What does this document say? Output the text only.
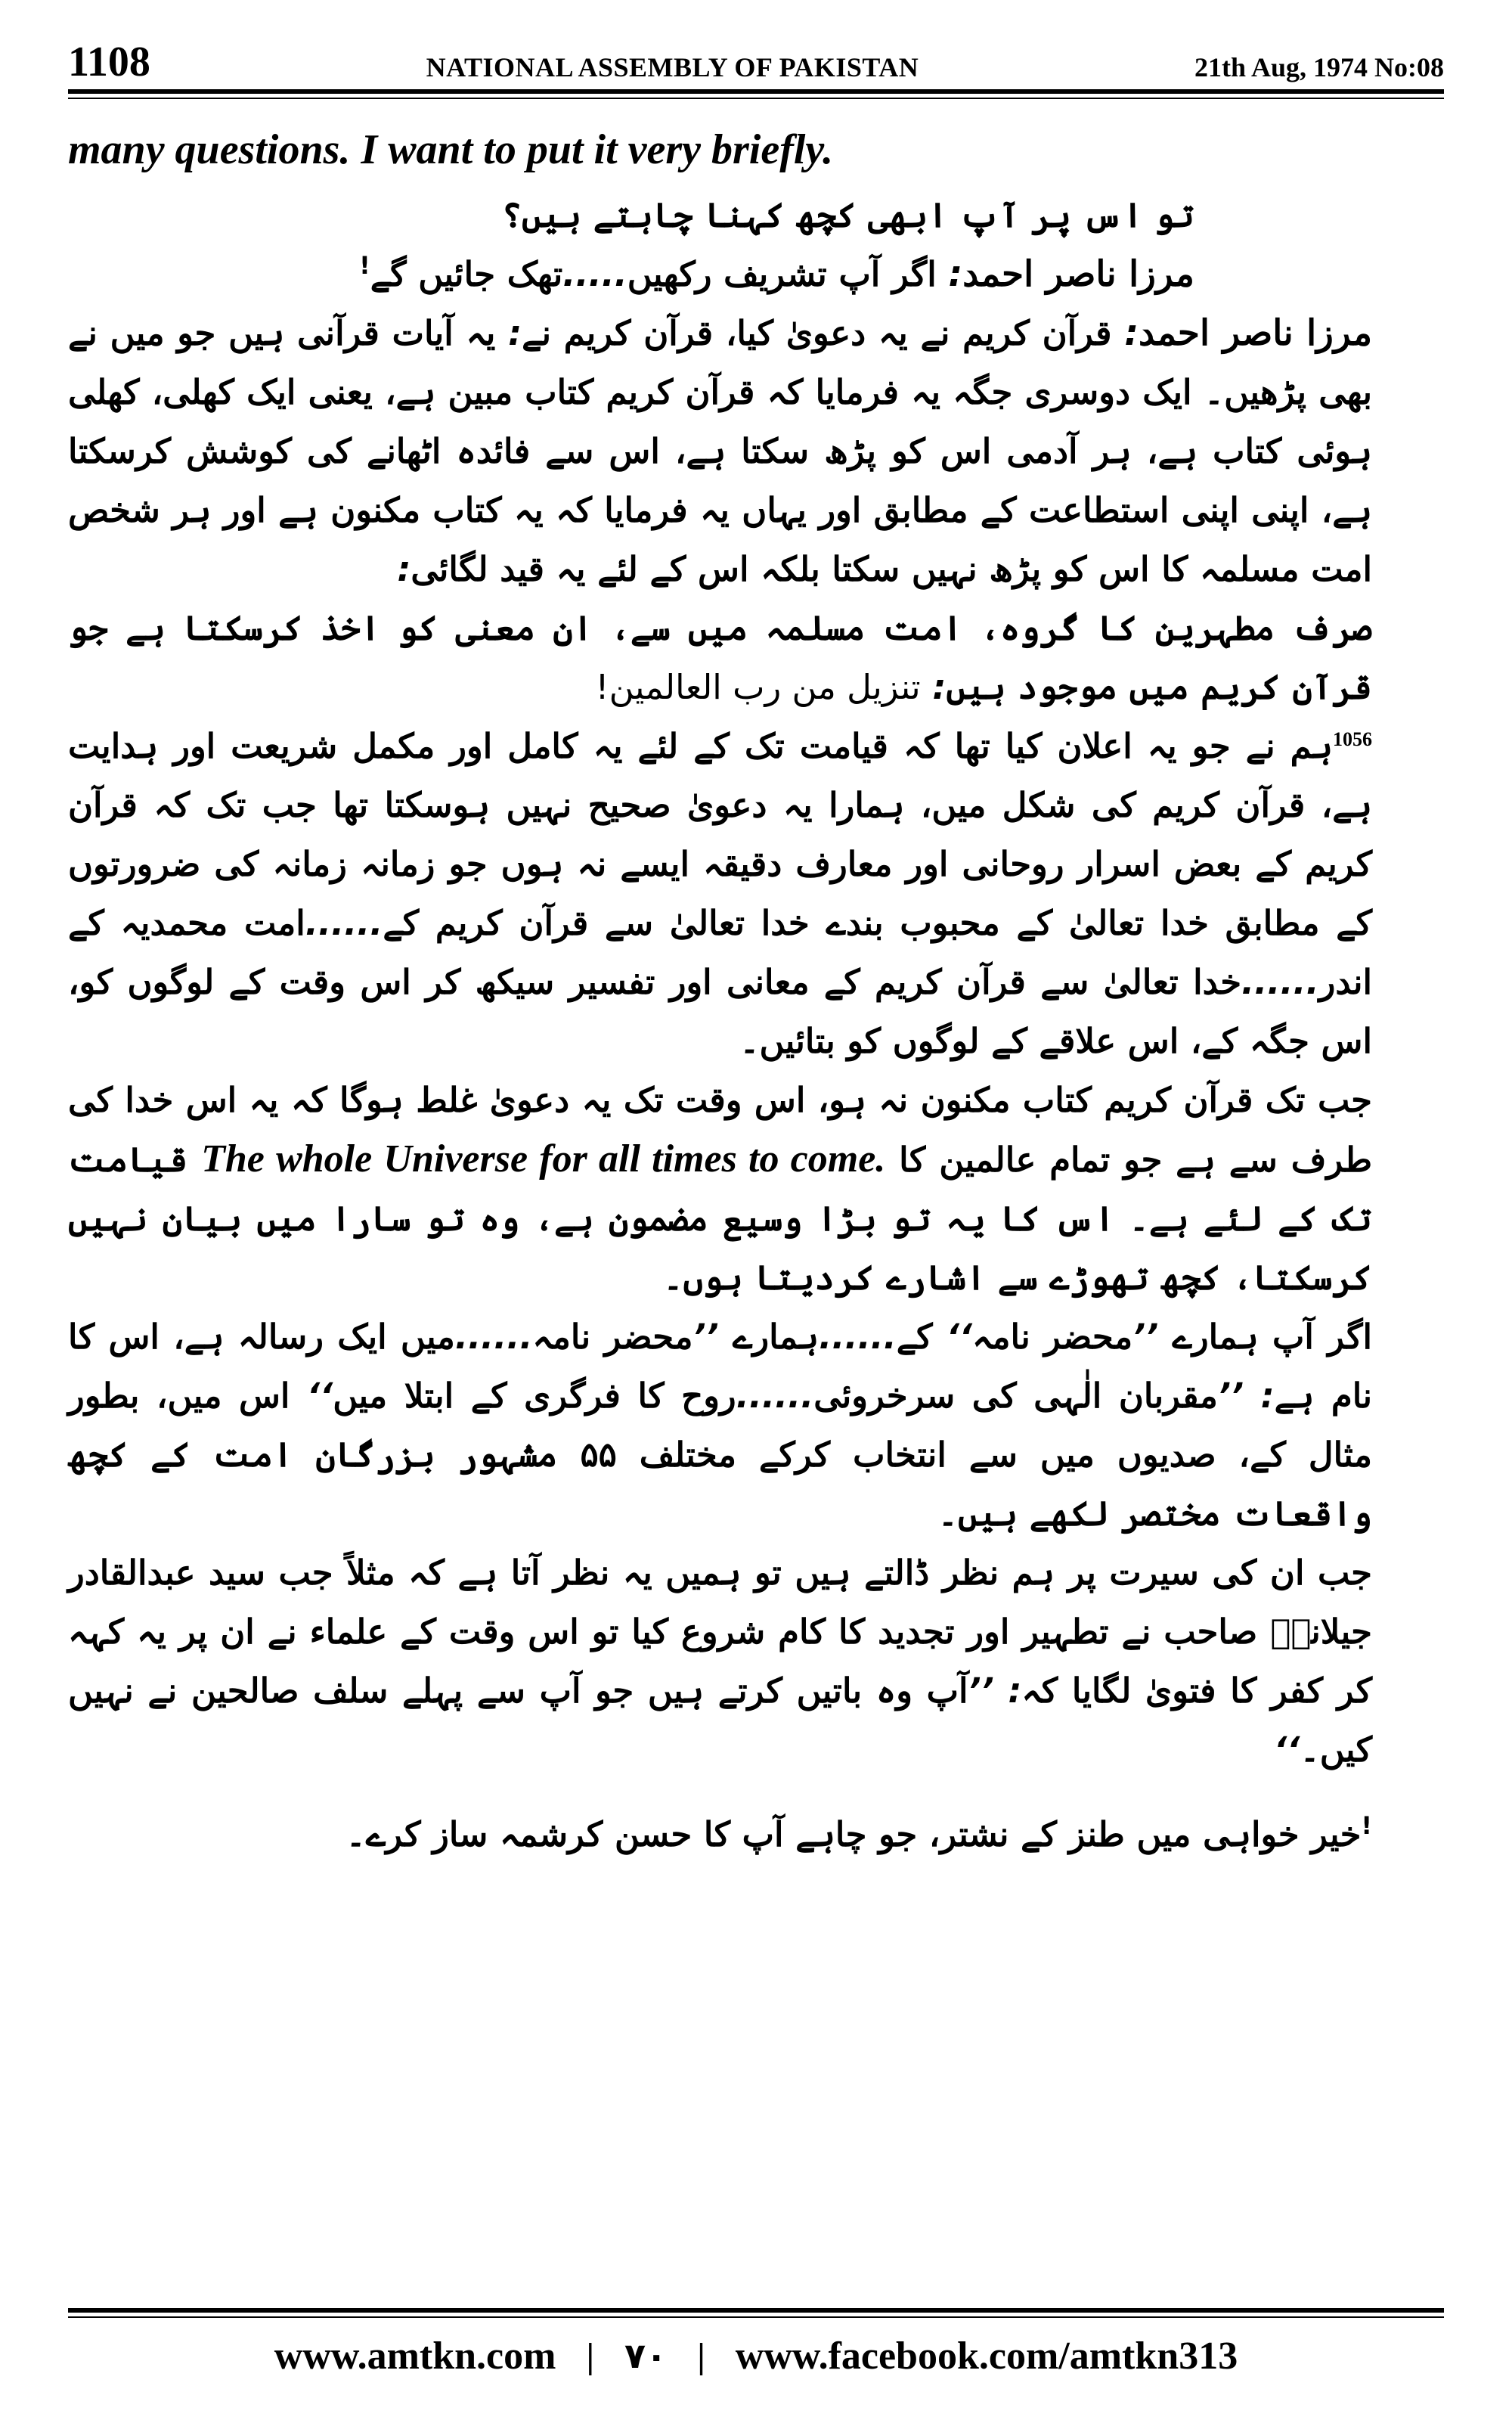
1108	NATIONAL ASSEMBLY OF PAKISTAN	21th Aug, 1974 No:08

many questions. I want to put it very briefly.

تو اس پر آپ ابھی کچھ کہنا چاہتے ہیں؟

مرزا ناصر احمد: اگر آپ تشریف رکھیں.....تھک جائیں گے!

مرزا ناصر احمد: قرآن کریم نے یہ دعویٰ کیا، قرآن کریم نے: یہ آیات قرآنی ہیں جو میں نے بھی پڑھیں۔ ایک دوسری جگہ یہ فرمایا کہ قرآن کریم کتاب مبین ہے، یعنی ایک کھلی، کھلی ہوئی کتاب ہے، ہر آدمی اس کو پڑھ سکتا ہے، اس سے فائدہ اٹھانے کی کوشش کرسکتا ہے، اپنی اپنی استطاعت کے مطابق اور یہاں یہ فرمایا کہ یہ کتاب مکنون ہے اور ہر شخص امت مسلمہ کا اس کو پڑھ نہیں سکتا بلکہ اس کے لئے یہ قید لگائی:

صرف مطہرین کا گروہ، امت مسلمہ میں سے، ان معنی کو اخذ کرسکتا ہے جو قرآن کریم میں موجود ہیں: تنزیل من رب العالمین!

$^{1056}$ہم نے جو یہ اعلان کیا تھا کہ قیامت تک کے لئے یہ کامل اور مکمل شریعت اور ہدایت ہے، قرآن کریم کی شکل میں، ہمارا یہ دعویٰ صحیح نہیں ہوسکتا تھا جب تک کہ قرآن کریم کے بعض اسرار روحانی اور معارف دقیقہ ایسے نہ ہوں جو زمانہ زمانہ کی ضرورتوں کے مطابق خدا تعالیٰ کے محبوب بندے خدا تعالیٰ سے قرآن کریم کے......امت محمدیہ کے اندر......خدا تعالیٰ سے قرآن کریم کے معانی اور تفسیر سیکھ کر اس وقت کے لوگوں کو، اس جگہ کے، اس علاقے کے لوگوں کو بتائیں۔

جب تک قرآن کریم کتاب مکنون نہ ہو، اس وقت تک یہ دعویٰ غلط ہوگا کہ یہ اس خدا کی طرف سے ہے جو تمام عالمین کا The whole Universe for all times to come. قیامت تک کے لئے ہے۔ اس کا یہ تو بڑا وسیع مضمون ہے، وہ تو سارا میں بیان نہیں کرسکتا، کچھ تھوڑے سے اشارے کردیتا ہوں۔

اگر آپ ہمارے ’’محضر نامہ‘‘ کے......ہمارے ’’محضر نامہ......میں ایک رسالہ ہے، اس کا نام ہے: ’’مقربان الٰہی کی سرخروئی......روح کا فرگری کے ابتلا میں‘‘ اس میں، بطور مثال کے، صدیوں میں سے انتخاب کرکے مختلف ۵۵ مشہور بزرگان امت کے کچھ واقعات مختصر لکھے ہیں۔

جب ان کی سیرت پر ہم نظر ڈالتے ہیں تو ہمیں یہ نظر آتا ہے کہ مثلاً جب سید عبدالقادر جیلانیؒ صاحب نے تطہیر اور تجدید کا کام شروع کیا تو اس وقت کے علماء نے ان پر یہ کہہ کر کفر کا فتویٰ لگایا کہ: ’’آپ وہ باتیں کرتے ہیں جو آپ سے پہلے سلف صالحین نے نہیں کیں۔‘‘

!خیر خواہی میں طنز کے نشتر، جو چاہے آپ کا حسن کرشمہ ساز کرے۔

www.amtkn.com | ۷۰ | www.facebook.com/amtkn313
